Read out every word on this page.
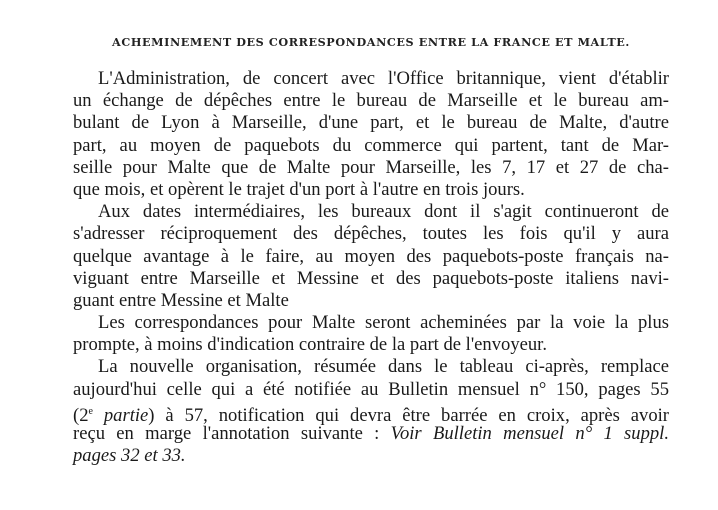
ACHEMINEMENT DES CORRESPONDANCES ENTRE LA FRANCE ET MALTE.
L'Administration, de concert avec l'Office britannique, vient d'établir
un échange de dépêches entre le bureau de Marseille et le bureau am-
bulant de Lyon à Marseille, d'une part, et le bureau de Malte, d'autre
part, au moyen de paquebots du commerce qui partent, tant de Mar-
seille pour Malte que de Malte pour Marseille, les 7, 17 et 27 de cha-
que mois, et opèrent le trajet d'un port à l'autre en trois jours.
Aux dates intermédiaires, les bureaux dont il s'agit continueront de
s'adresser réciproquement des dépêches, toutes les fois qu'il y aura
quelque avantage à le faire, au moyen des paquebots-poste français na-
viguant entre Marseille et Messine et des paquebots-poste italiens navi-
guant entre Messine et Malte
Les correspondances pour Malte seront acheminées par la voie la plus
prompte, à moins d'indication contraire de la part de l'envoyeur.
La nouvelle organisation, résumée dans le tableau ci-après, remplace
aujourd'hui celle qui a été notifiée au Bulletin mensuel n° 150, pages 55
(2e partie) à 57, notification qui devra être barrée en croix, après avoir
reçu en marge l'annotation suivante : Voir Bulletin mensuel n° 1 suppl.
pages 32 et 33.
